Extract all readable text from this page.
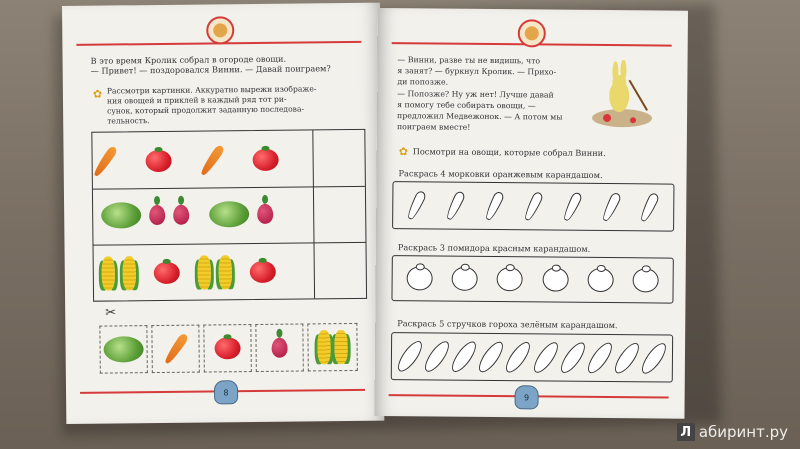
В это время Кролик собрал в огороде овощи.
— Привет! — поздоровался Винни. — Давай поиграем?
✿ Рассмотри картинки. Аккуратно вырежи изображе-
ния овощей и приклей в каждый ряд тот ри-
сунок, который продолжит заданную последова-
тельность.
✂
8
— Винни, разве ты не видишь, что
я занят? — буркнул Кролик. — Прихо-
ди попозже.
— Попозже? Ну уж нет! Лучше давай
я помогу тебе собирать овощи, —
предложил Медвежонок. — А потом мы
поиграем вместе!
✿ Посмотри на овощи, которые собрал Винни.
Раскрась 4 морковки оранжевым карандашом.
Раскрась 3 помидора красным карандашом.
Раскрась 5 стручков гороха зелёным карандашом.
9
Л абиринт.ру
